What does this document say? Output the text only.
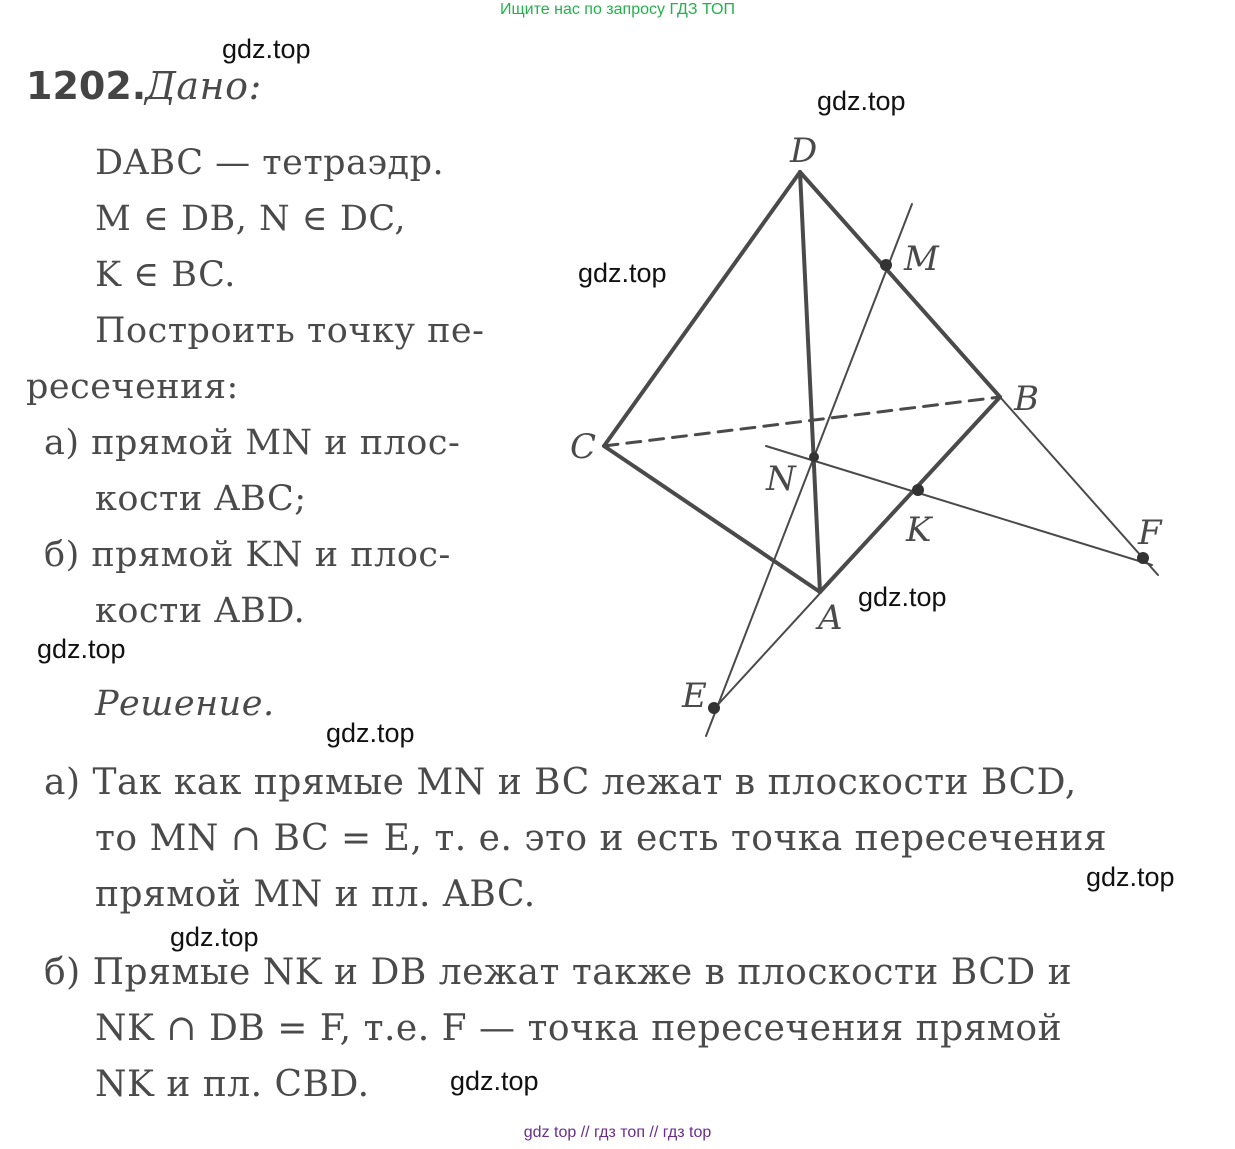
Ищите нас по запросу ГДЗ ТОП
gdz.top
gdz.top
gdz.top
gdz.top
gdz.top
gdz.top
gdz.top
gdz.top
gdz.top
1202.
Дано:
DABC — тетраэдр.
M ∈ DB, N ∈ DC,
K ∈ BC.
Построить точку пе-
ресечения:
а) прямой MN и плос-
кости ABC;
б) прямой KN и плос-
кости ABD.
Решение.
а) Так как прямые MN и BC лежат в плоскости BCD,
то MN ∩ BC = E, т. е. это и есть точка пересечения
прямой MN и пл. ABC.
б) Прямые NK и DB лежат также в плоскости BCD и
NK ∩ DB = F, т.е. F — точка пересечения прямой
NK и пл. CBD.
D
M
B
C
N
K	F
A
E
gdz top // гдз топ // гдз top
